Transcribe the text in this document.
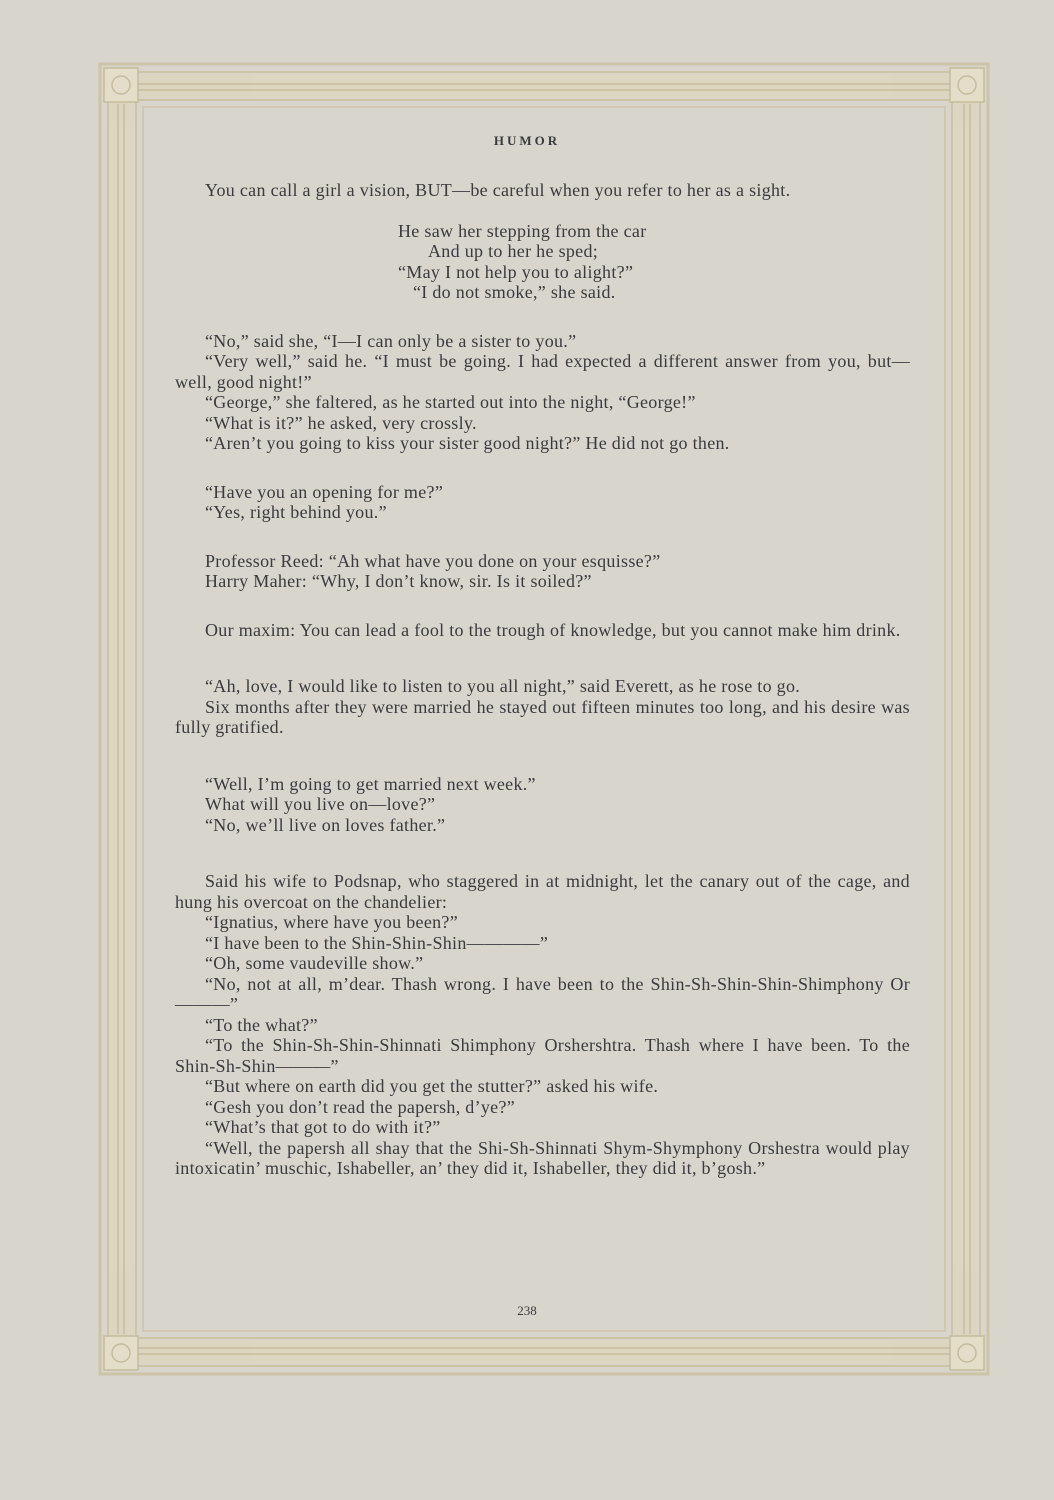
HUMOR

You can call a girl a vision, BUT—be careful when you refer to her as a sight.

He saw her stepping from the car

And up to her he sped;

“May I not help you to alight?”

“I do not smoke,” she said.

“No,” said she, “I—I can only be a sister to you.”

“Very well,” said he. “I must be going. I had expected a different answer from you, but—well, good night!”

“George,” she faltered, as he started out into the night, “George!”

“What is it?” he asked, very crossly.

“Aren’t you going to kiss your sister good night?” He did not go then.

“Have you an opening for me?”

“Yes, right behind you.”

Professor Reed: “Ah what have you done on your esquisse?”

Harry Maher: “Why, I don’t know, sir. Is it soiled?”

Our maxim: You can lead a fool to the trough of knowledge, but you cannot make him drink.

“Ah, love, I would like to listen to you all night,” said Everett, as he rose to go.

Six months after they were married he stayed out fifteen minutes too long, and his desire was fully gratified.

“Well, I’m going to get married next week.”

What will you live on—love?”

“No, we’ll live on loves father.”

Said his wife to Podsnap, who staggered in at midnight, let the canary out of the cage, and hung his overcoat on the chandelier:

“Ignatius, where have you been?”

“I have been to the Shin-Shin-Shin————”

“Oh, some vaudeville show.”

“No, not at all, m’dear. Thash wrong. I have been to the Shin-Sh-Shin-Shin-Shimphony Or———”

“To the what?”

“To the Shin-Sh-Shin-Shinnati Shimphony Orshershtra. Thash where I have been. To the Shin-Sh-Shin———”

“But where on earth did you get the stutter?” asked his wife.

“Gesh you don’t read the papersh, d’ye?”

“What’s that got to do with it?”

“Well, the papersh all shay that the Shi-Sh-Shinnati Shym-Shymphony Orshestra would play intoxicatin’ muschic, Ishabeller, an’ they did it, Ishabeller, they did it, b’gosh.”

238
